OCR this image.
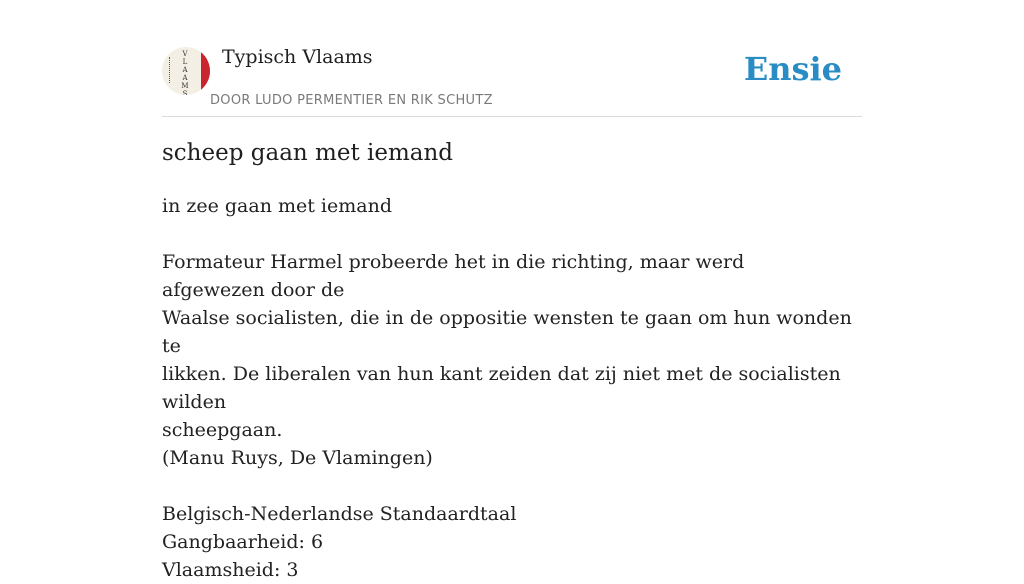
V
L
A
A
M
S
Typisch Vlaams
DOOR LUDO PERMENTIER EN RIK SCHUTZ
Ensie
scheep gaan met iemand

in zee gaan met iemand

Formateur Harmel probeerde het in die richting, maar werd afgewezen door de

Waalse socialisten, die in de oppositie wensten te gaan om hun wonden te

likken. De liberalen van hun kant zeiden dat zij niet met de socialisten wilden

scheepgaan.

(Manu Ruys, De Vlamingen)

Belgisch-Nederlandse Standaardtaal

Gangbaarheid: 6

Vlaamsheid: 3
